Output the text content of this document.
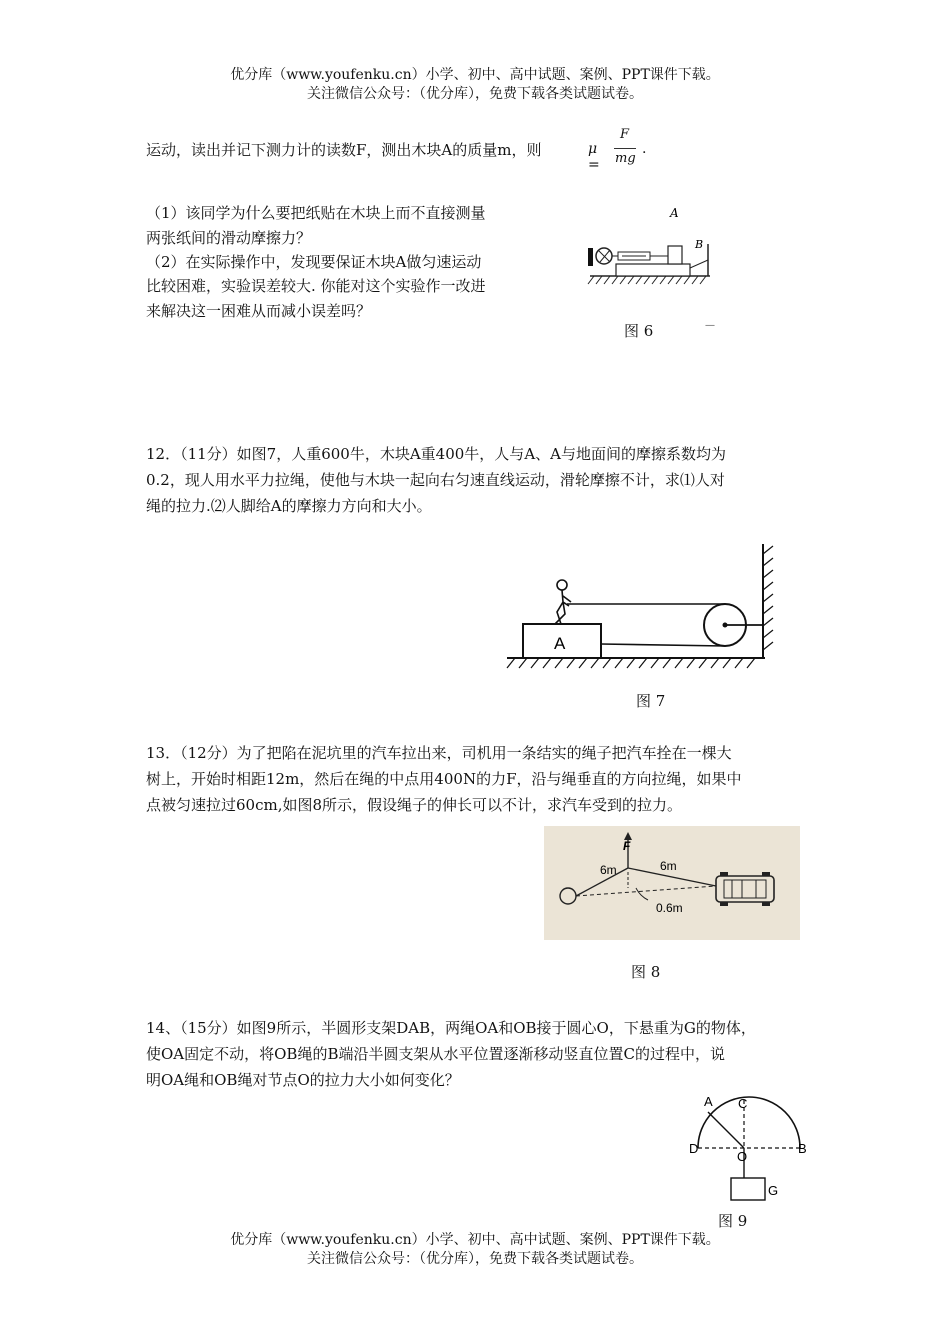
优分库（www.youfenku.cn）小学、初中、高中试题、案例、PPT课件下载。
关注微信公众号：（优分库），免费下载各类试题试卷。
运动，读出并记下测力计的读数F，测出木块A的质量m，则	μ =
F
mg
.
（1）该同学为什么要把纸贴在木块上而不直接测量
两张纸间的滑动摩擦力？
（2）在实际操作中，发现要保证木块A做匀速运动
比较困难，实验误差较大. 你能对这个实验作一改进
来解决这一困难从而减小误差吗？
A
B
图 6	—
12．（11分）如图7，人重600牛，木块A重400牛，人与A、A与地面间的摩擦系数均为
0.2，现人用水平力拉绳，使他与木块一起向右匀速直线运动，滑轮摩擦不计，求⑴人对
绳的拉力.⑵人脚给A的摩擦力方向和大小。
A
图 7
13．（12分）为了把陷在泥坑里的汽车拉出来，司机用一条结实的绳子把汽车拴在一棵大
树上，开始时相距12m，然后在绳的中点用400N的力F，沿与绳垂直的方向拉绳，如果中
点被匀速拉过60cm,如图8所示，假设绳子的伸长可以不计，求汽车受到的拉力。
F
6m	6m
0.6m
图 8
14、（15分）如图9所示，半圆形支架DAB，两绳OA和OB接于圆心O，下悬重为G的物体，
使OA固定不动，将OB绳的B端沿半圆支架从水平位置逐渐移动竖直位置C的过程中，说
明OA绳和OB绳对节点O的拉力大小如何变化？
A C
D
O
B
G
图 9
优分库（www.youfenku.cn）小学、初中、高中试题、案例、PPT课件下载。
关注微信公众号：（优分库），免费下载各类试题试卷。
